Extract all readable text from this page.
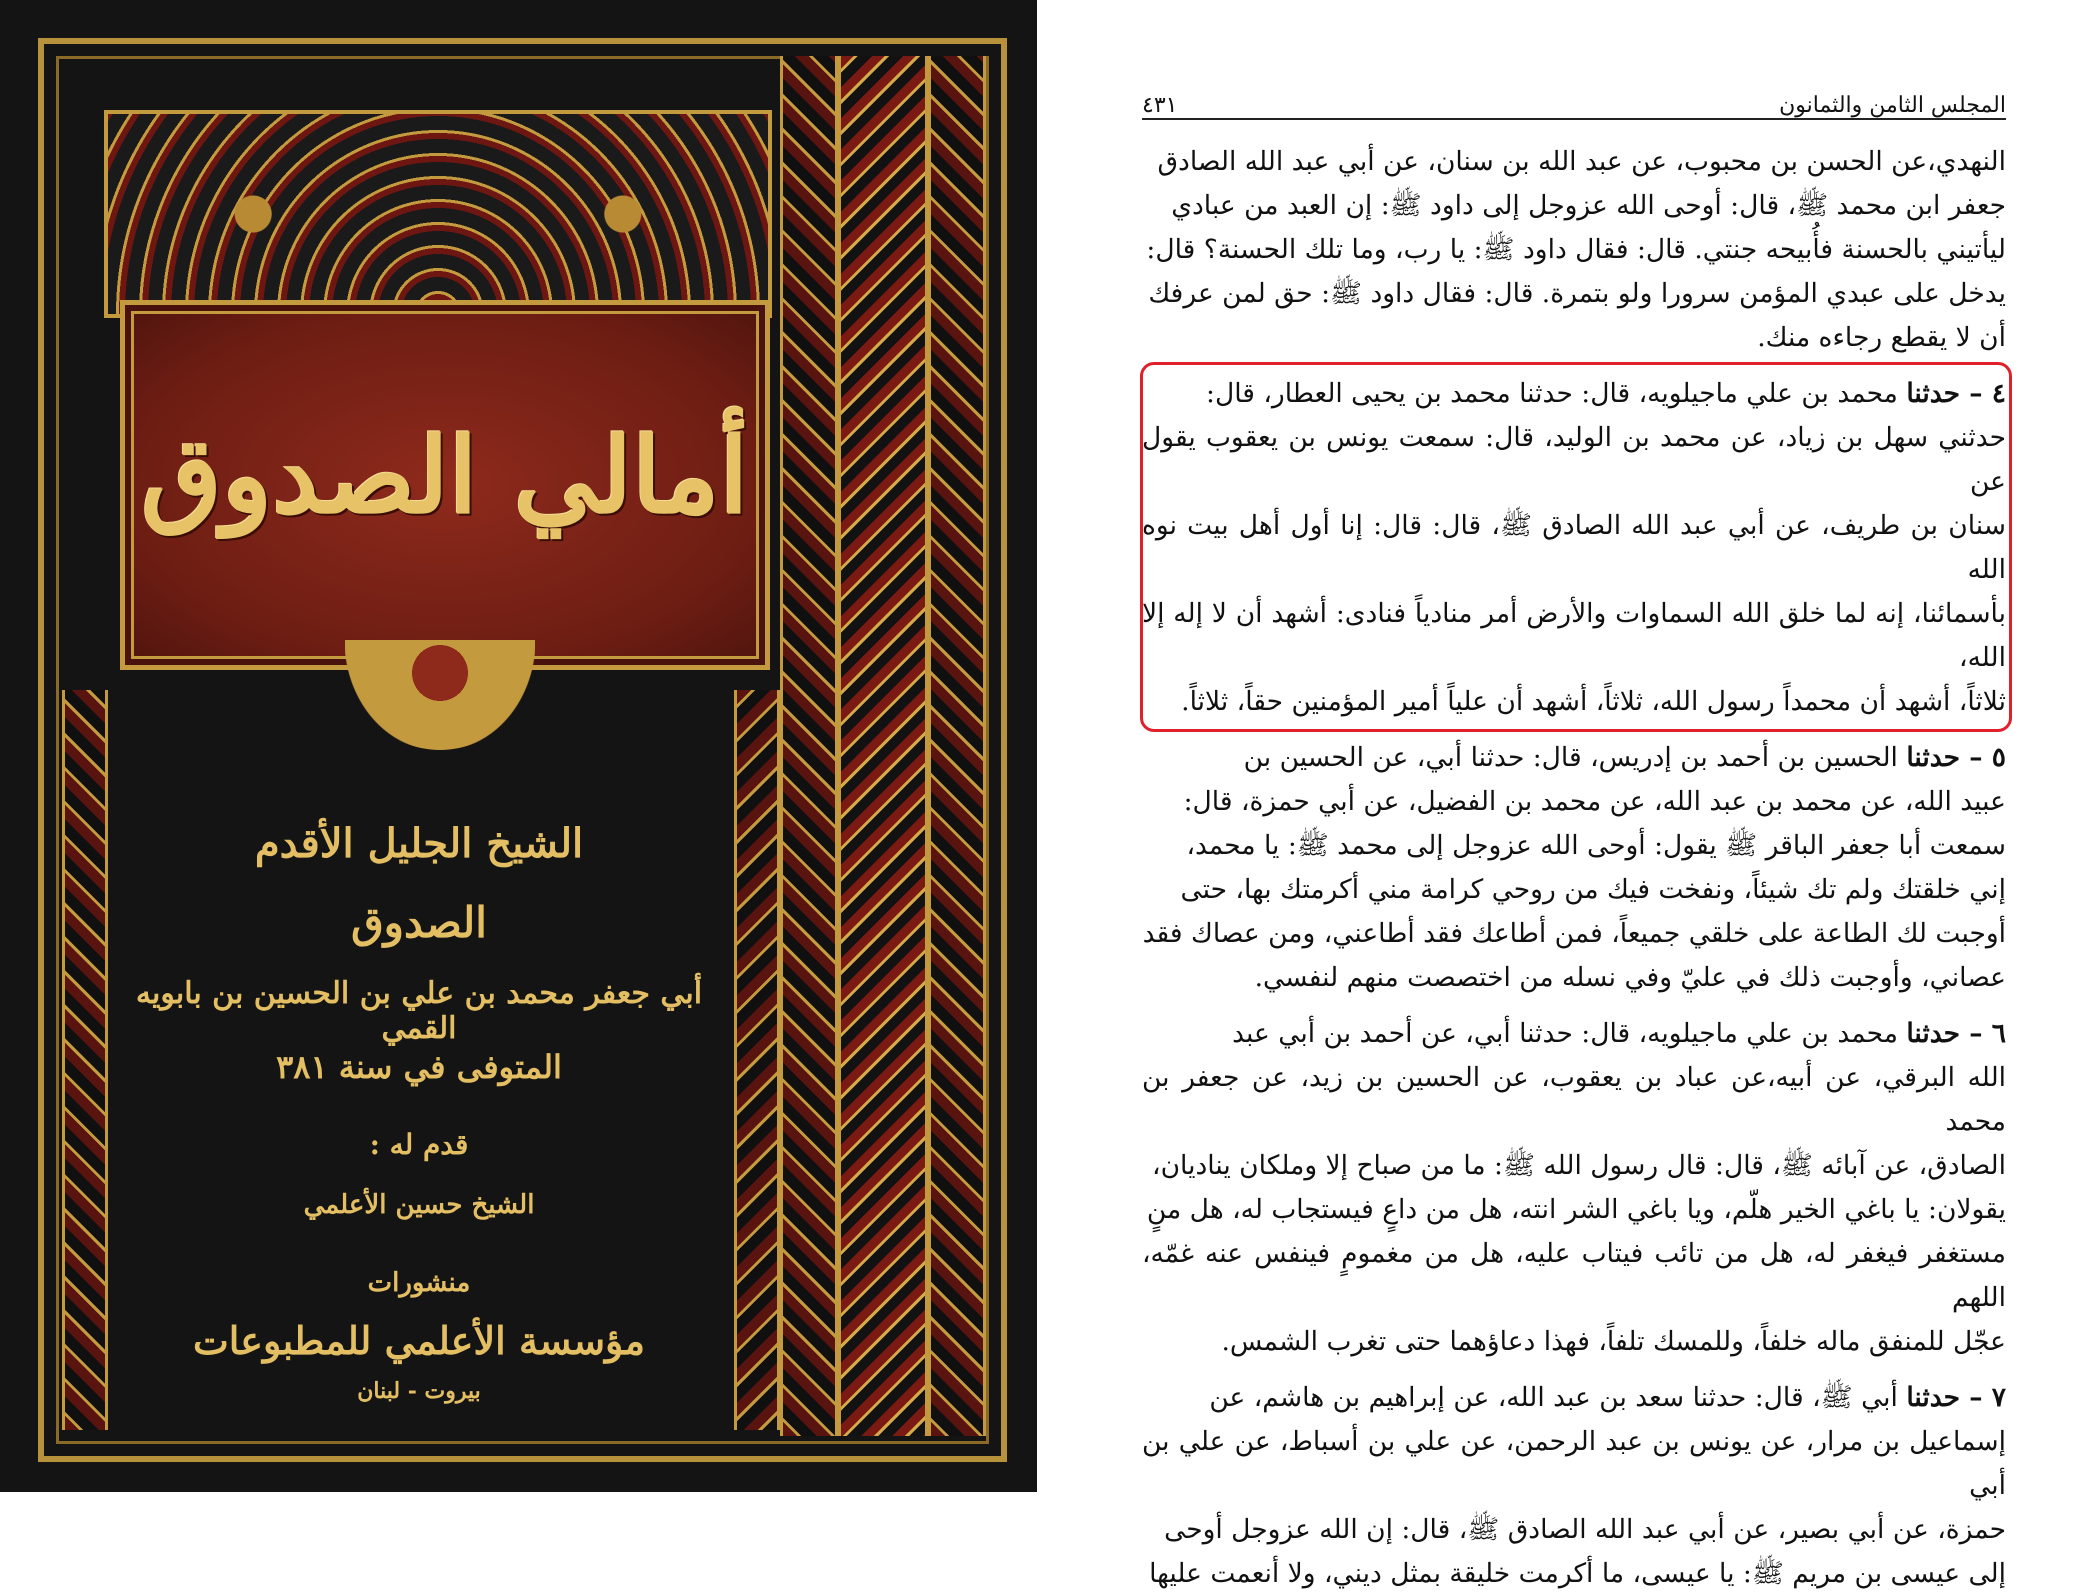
أمالي الصدوق
الشيخ الجليل الأقدم
الصدوق
أبي جعفر محمد بن علي بن الحسين بن بابويه القمي
المتوفى في سنة ٣٨١
قدم له :
الشيخ حسين الأعلمي
منشورات
مؤسسة الأعلمي للمطبوعات
بيروت - لبنان
المجلس الثامن والثمانون
٤٣١
النهدي،عن الحسن بن محبوب، عن عبد الله بن سنان، عن أبي عبد الله الصادق
جعفر ابن محمد ﷺ، قال: أوحى الله عزوجل إلى داود ﷺ: إن العبد من عبادي
ليأتيني بالحسنة فأُبيحه جنتي. قال: فقال داود ﷺ: يا رب، وما تلك الحسنة؟ قال:
يدخل على عبدي المؤمن سرورا ولو بتمرة. قال: فقال داود ﷺ: حق لمن عرفك
أن لا يقطع رجاءه منك.
٤ – حدثنا محمد بن علي ماجيلويه، قال: حدثنا محمد بن يحيى العطار، قال:
حدثني سهل بن زياد، عن محمد بن الوليد، قال: سمعت يونس بن يعقوب يقول عن
سنان بن طريف، عن أبي عبد الله الصادق ﷺ، قال: قال: إنا أول أهل بيت نوه الله
بأسمائنا، إنه لما خلق الله السماوات والأرض أمر منادياً فنادى: أشهد أن لا إله إلا الله،
ثلاثاً، أشهد أن محمداً رسول الله، ثلاثاً، أشهد أن علياً أمير المؤمنين حقاً، ثلاثاً.
٥ – حدثنا الحسين بن أحمد بن إدريس، قال: حدثنا أبي، عن الحسين بن
عبيد الله، عن محمد بن عبد الله، عن محمد بن الفضيل، عن أبي حمزة، قال:
سمعت أبا جعفر الباقر ﷺ يقول: أوحى الله عزوجل إلى محمد ﷺ: يا محمد،
إني خلقتك ولم تك شيئاً، ونفخت فيك من روحي كرامة مني أكرمتك بها، حتى
أوجبت لك الطاعة على خلقي جميعاً، فمن أطاعك فقد أطاعني، ومن عصاك فقد
عصاني، وأوجبت ذلك في عليّ وفي نسله من اختصصت منهم لنفسي.
٦ – حدثنا محمد بن علي ماجيلويه، قال: حدثنا أبي، عن أحمد بن أبي عبد
الله البرقي، عن أبيه،عن عباد بن يعقوب، عن الحسين بن زيد، عن جعفر بن محمد
الصادق، عن آبائه ﷺ، قال: قال رسول الله ﷺ: ما من صباح إلا وملكان يناديان،
يقولان: يا باغي الخير هلّم، ويا باغي الشر انته، هل من داعٍ فيستجاب له، هل منٍ
مستغفر فيغفر له، هل من تائب فيتاب عليه، هل من مغمومٍ فينفس عنه غمّه، اللهم
عجّل للمنفق ماله خلفاً، وللمسك تلفاً، فهذا دعاؤهما حتى تغرب الشمس.
٧ – حدثنا أبي ﷺ، قال: حدثنا سعد بن عبد الله، عن إبراهيم بن هاشم، عن
إسماعيل بن مرار، عن يونس بن عبد الرحمن، عن علي بن أسباط، عن علي بن أبي
حمزة، عن أبي بصير، عن أبي عبد الله الصادق ﷺ، قال: إن الله عزوجل أوحى
إلى عيسى بن مريم ﷺ: يا عيسى، ما أكرمت خليقة بمثل ديني، ولا أنعمت عليها
